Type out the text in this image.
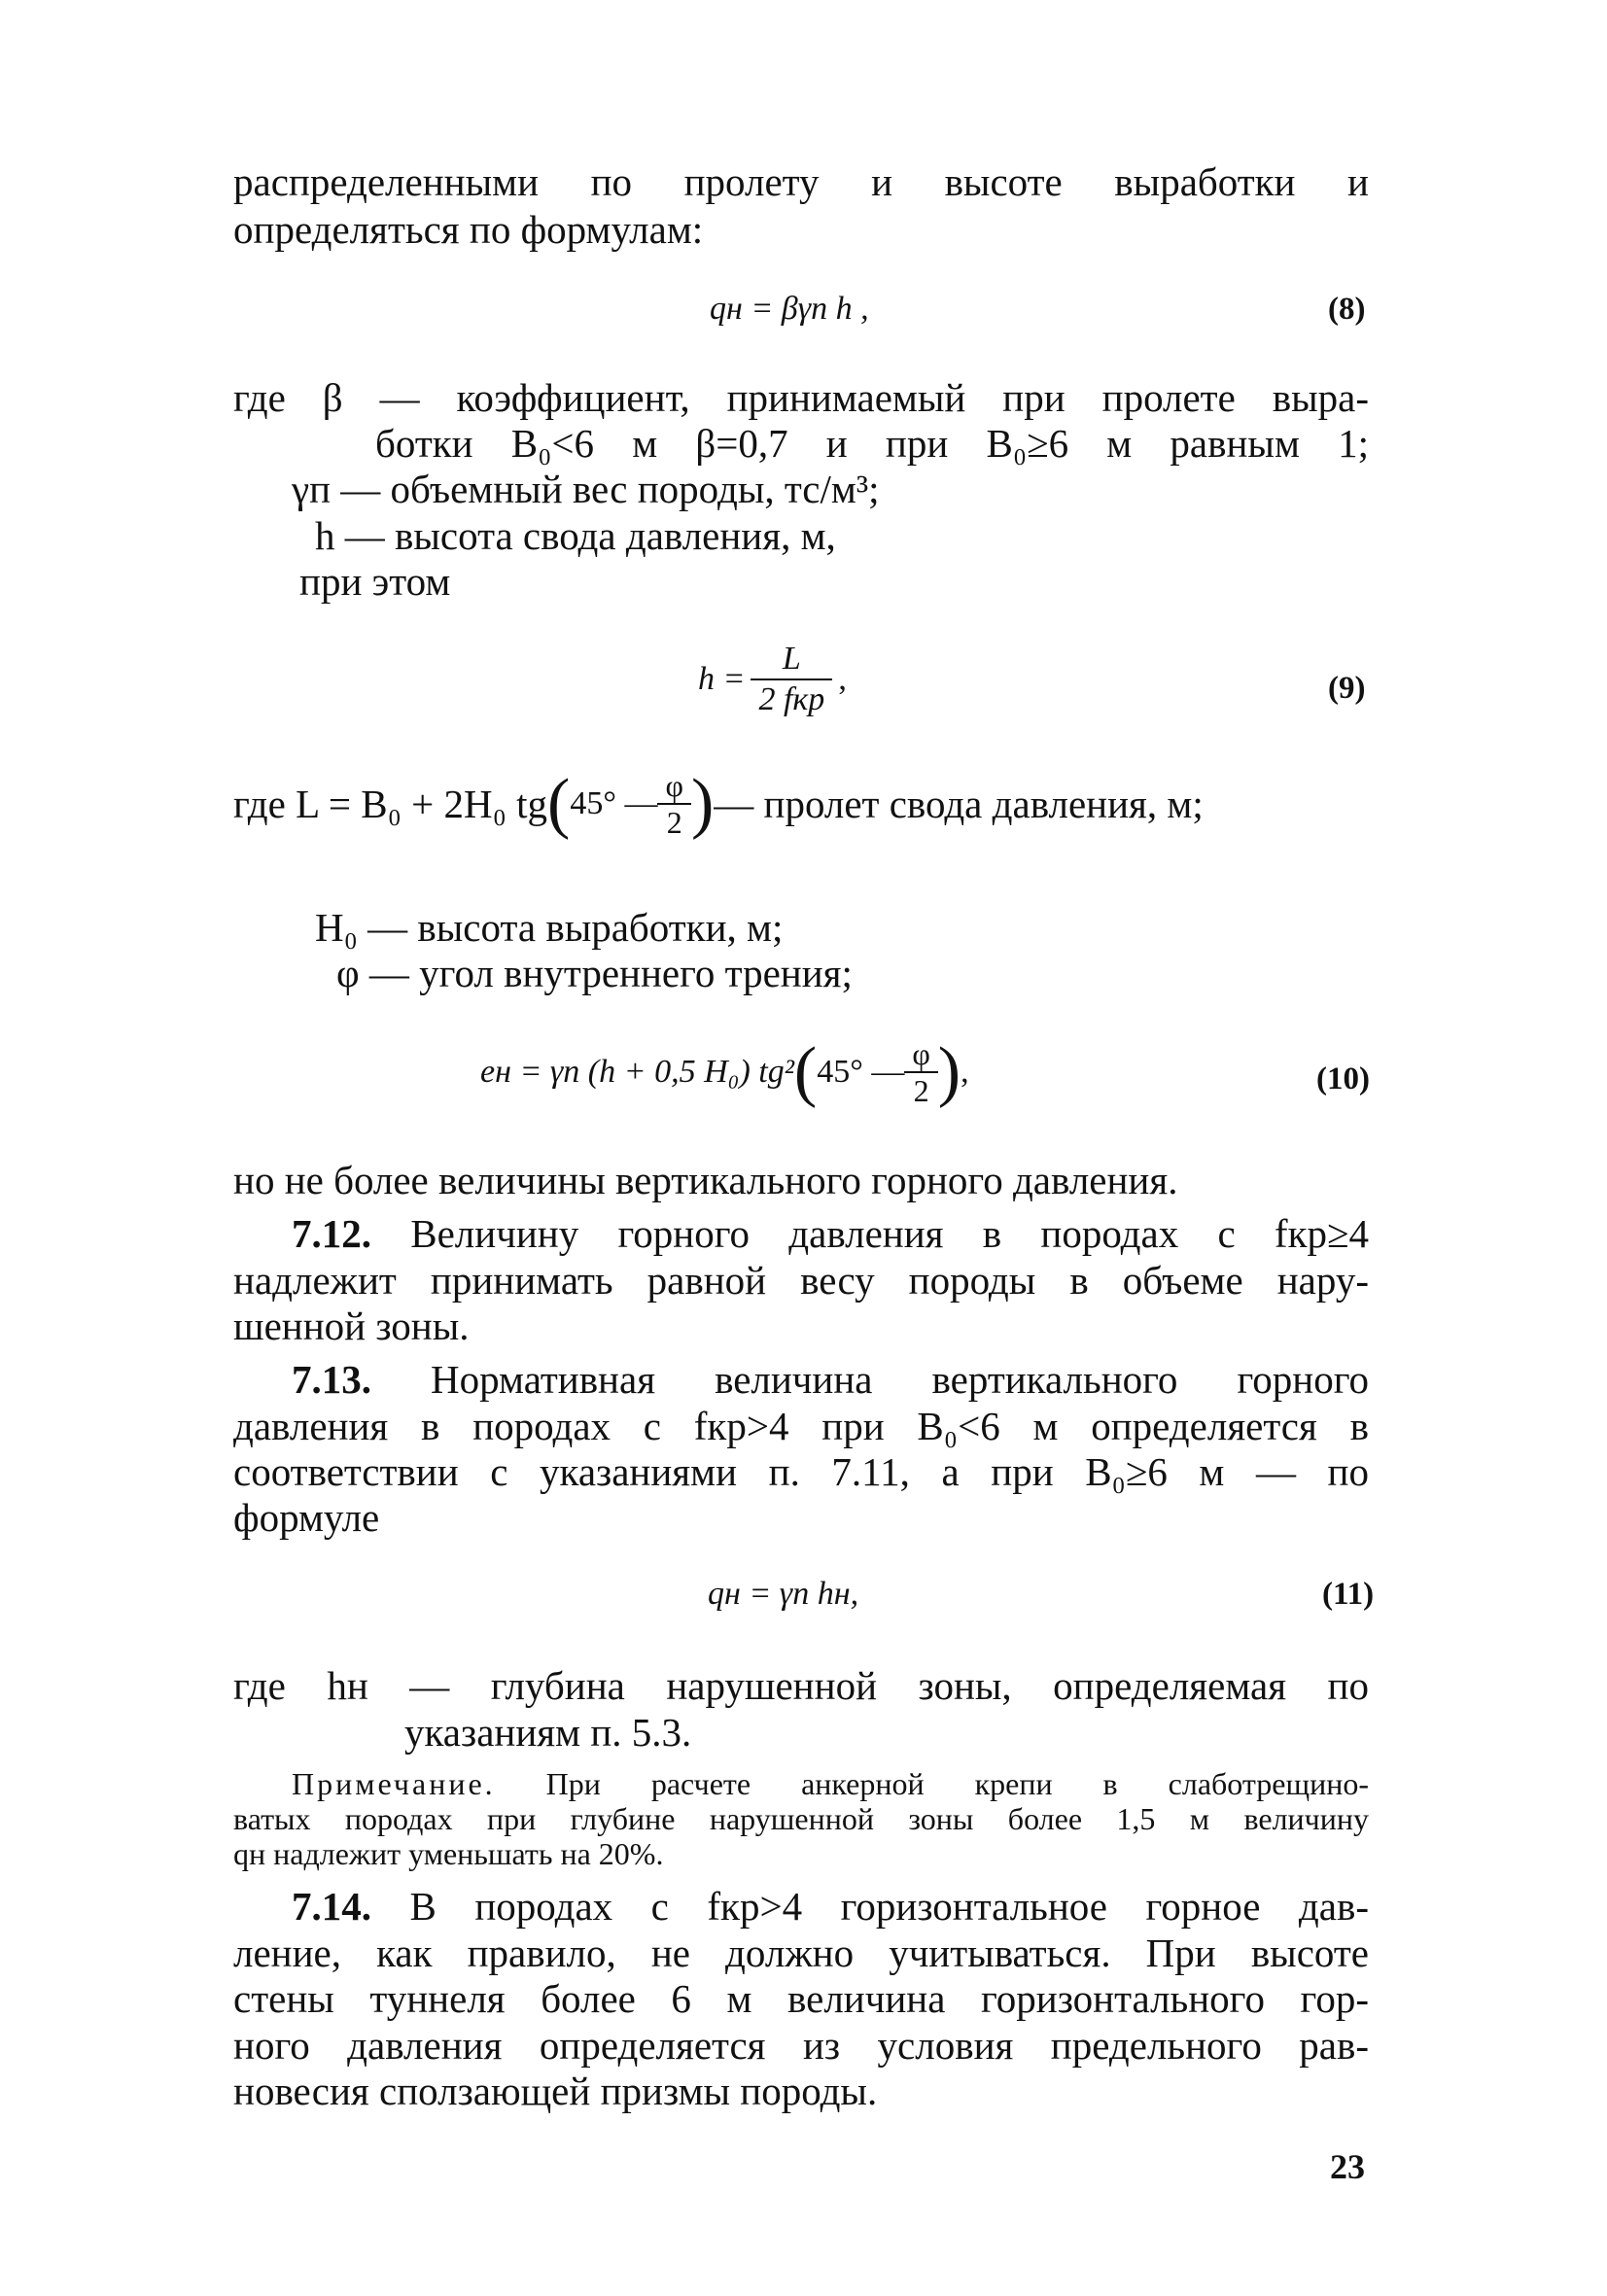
распределенными по пролету и высоте выработки и
определяться по формулам:
qн = βγп h ,	(8)
где β — коэффициент, принимаемый при пролете выра-
ботки B₀<6 м β=0,7 и при B₀≥6 м равным 1;
γп — объемный вес породы, тс/м³;
h — высота свода давления, м,
при этом
$h = \frac{L}{\text{2 fкр}}$ ,	(9)
где L = B₀ + 2H₀ tg ( 45° — $\frac{\varphi}{2}$ ) — пролет свода давления, м;
H₀ — высота выработки, м;
φ — угол внутреннего трения;
eн = γп (h + 0,5 H₀) tg² ( 45° — $\frac{\varphi}{2}$ ) ,	(10)
но не более величины вертикального горного давления.
7.12. Величину горного давления в породах с fкр≥4
надлежит принимать равной весу породы в объеме нару-
шенной зоны.
7.13. Нормативная величина вертикального горного
давления в породах с fкр>4 при B₀<6 м определяется в
соответствии с указаниями п. 7.11, а при B₀≥6 м — по
формуле
qн = γп hн,	(11)
где hн — глубина нарушенной зоны, определяемая по
указаниям п. 5.3.
Примечание. При расчете анкерной крепи в слаботрещино-
ватых породах при глубине нарушенной зоны более 1,5 м величину
qн надлежит уменьшать на 20%.
7.14. В породах с fкр>4 горизонтальное горное дав-
ление, как правило, не должно учитываться. При высоте
стены туннеля более 6 м величина горизонтального гор-
ного давления определяется из условия предельного рав-
новесия сползающей призмы породы.
23
